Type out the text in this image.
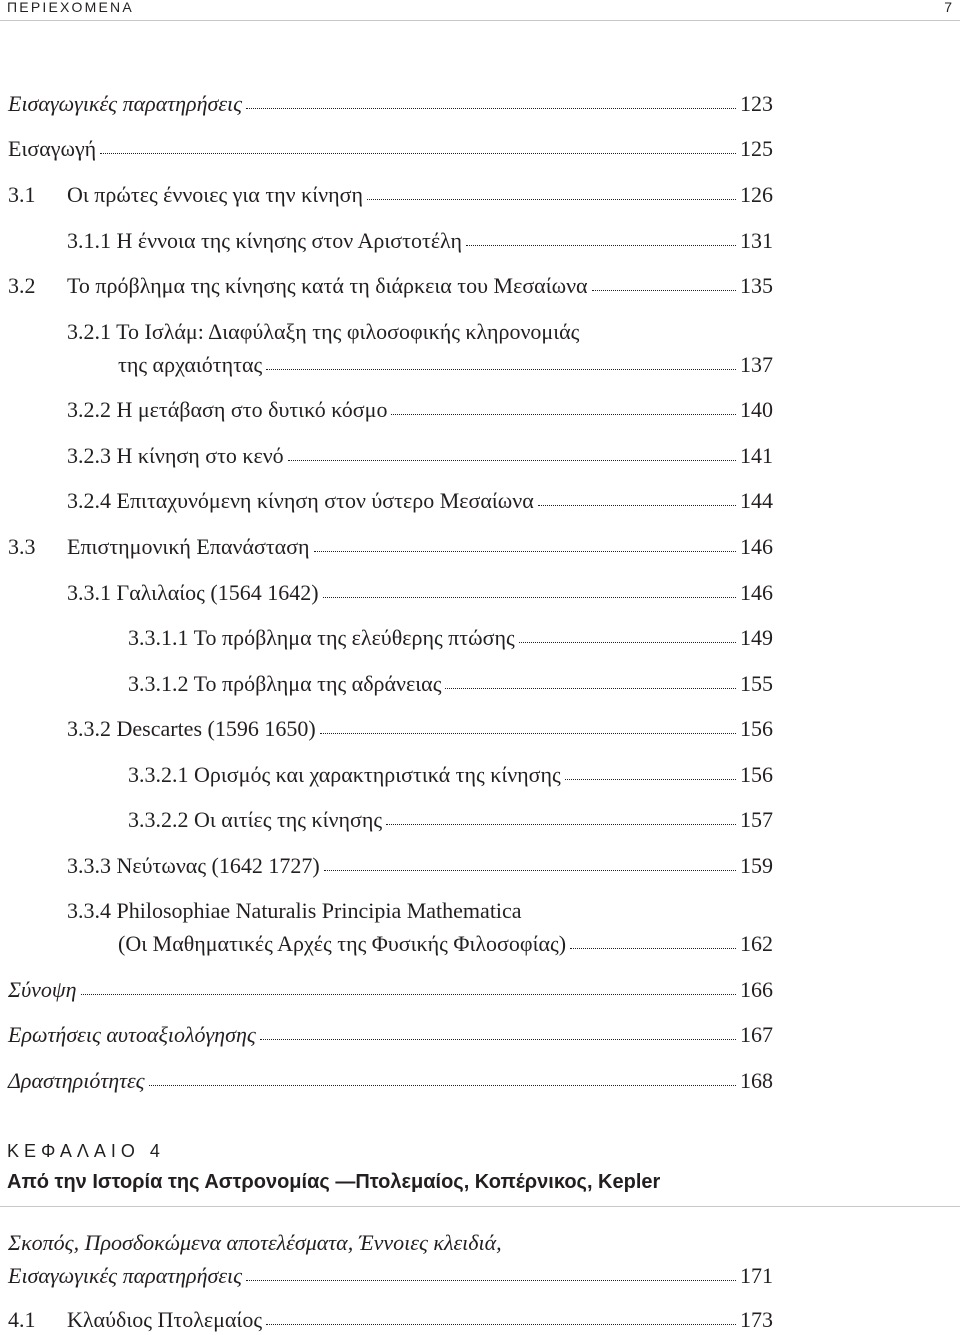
ΠΕΡΙΕΧΟΜΕΝΑ	7
Εισαγωγικές παρατηρήσεις	123
Εισαγωγή	125
3.1	Οι πρώτες έννοιες για την κίνηση	126
3.1.1 Η έννοια της κίνησης στον Αριστοτέλη	131
3.2	Το πρόβλημα της κίνησης κατά τη διάρκεια του Μεσαίωνα	135
3.2.1 Το Ισλάμ: Διαφύλαξη της φιλοσοφικής κληρονομιάς
της αρχαιότητας	137
3.2.2 Η μετάβαση στο δυτικό κόσμο	140
3.2.3 Η κίνηση στο κενό	141
3.2.4 Επιταχυνόμενη κίνηση στον ύστερο Μεσαίωνα	144
3.3	Επιστημονική Επανάσταση	146
3.3.1 Γαλιλαίος (1564 1642)	146
3.3.1.1 Το πρόβλημα της ελεύθερης πτώσης	149
3.3.1.2 Το πρόβλημα της αδράνειας	155
3.3.2 Descartes (1596 1650)	156
3.3.2.1 Ορισμός και χαρακτηριστικά της κίνησης	156
3.3.2.2 Οι αιτίες της κίνησης	157
3.3.3 Νεύτωνας (1642 1727)	159
3.3.4 Philosophiae Naturalis Principia Mathematica
(Οι Μαθηματικές Αρχές της Φυσικής Φιλοσοφίας)	162
Σύνοψη	166
Ερωτήσεις αυτοαξιολόγησης	167
Δραστηριότητες	168
ΚΕΦΑΛΑΙΟ 4
Από την Ιστορία της Αστρονομίας —Πτολεμαίος, Κοπέρνικος, Kepler
Σκοπός, Προσδοκώμενα αποτελέσματα, Έννοιες κλειδιά,
Εισαγωγικές παρατηρήσεις	171
4.1	Κλαύδιος Πτολεμαίος	173
